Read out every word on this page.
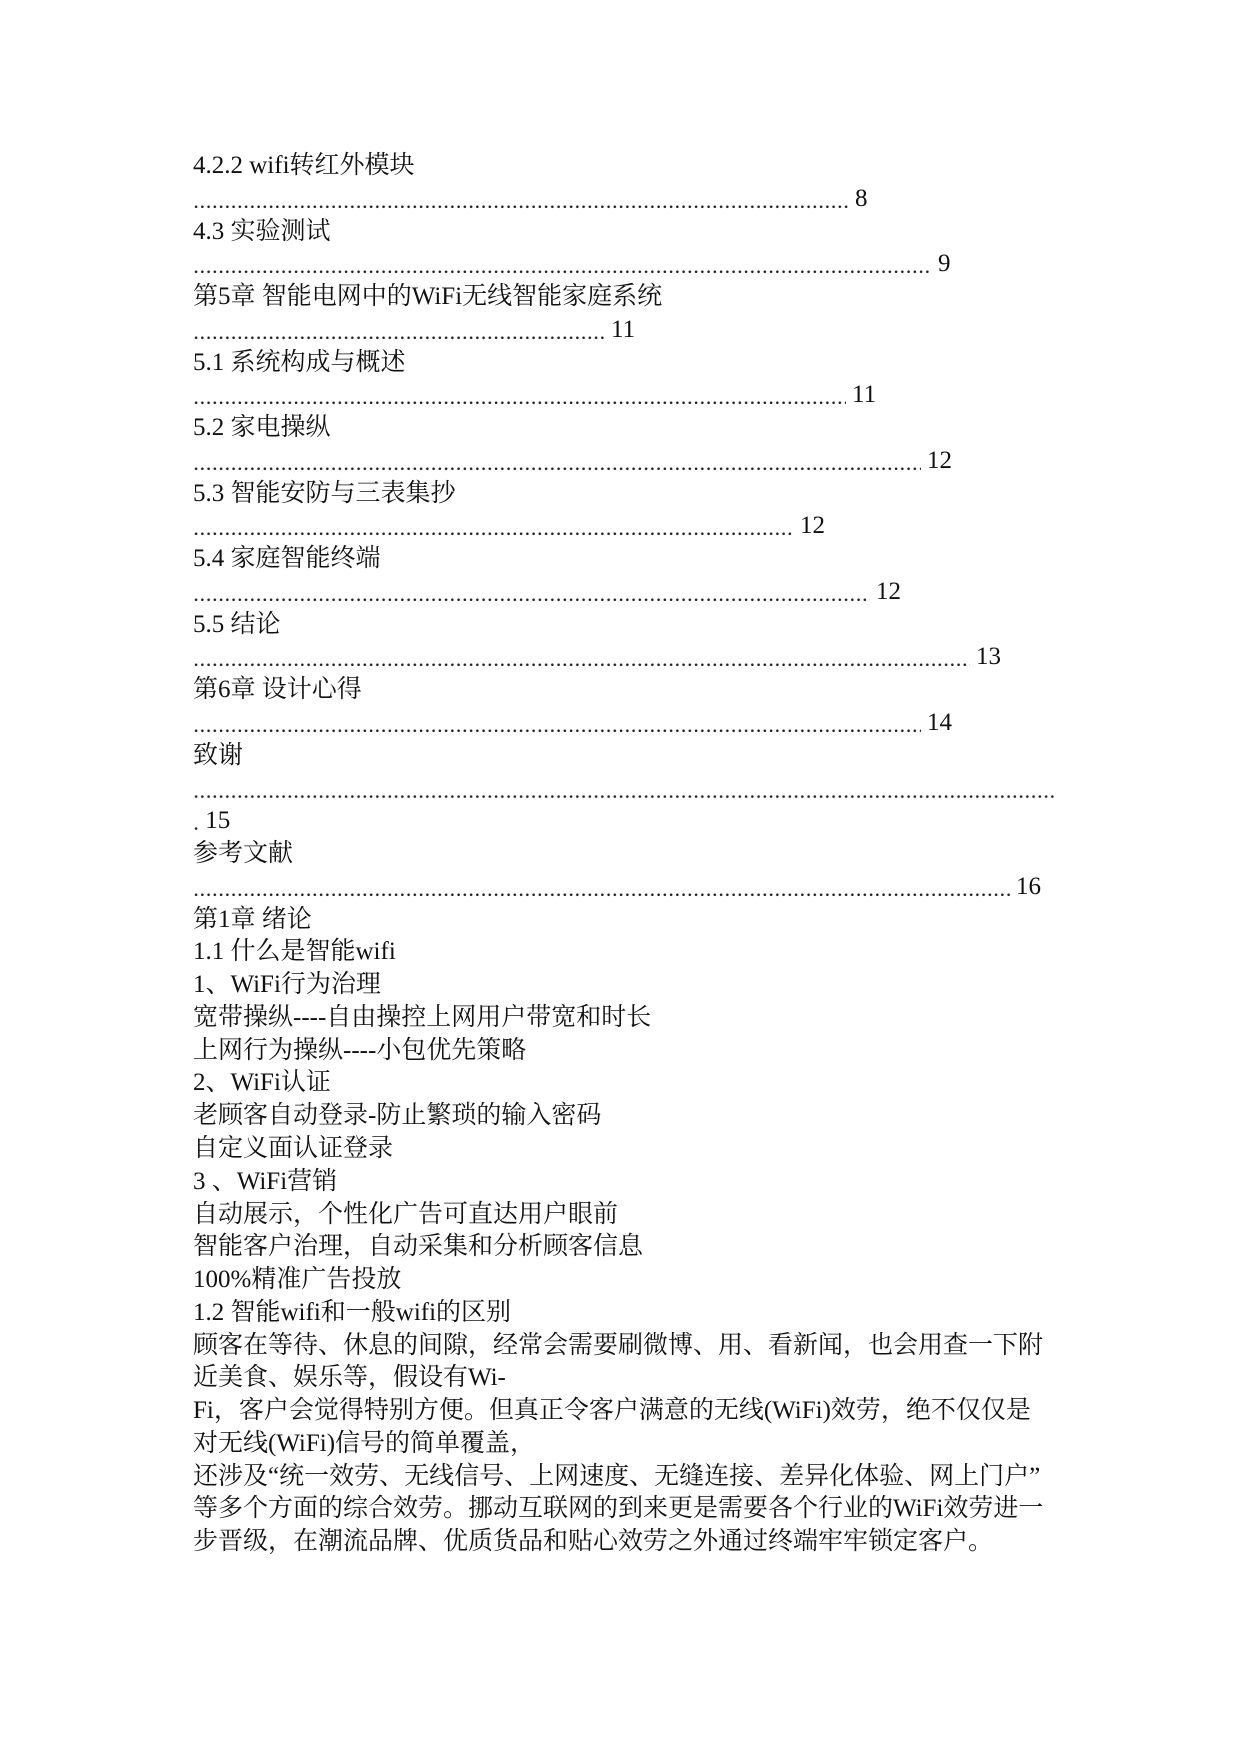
4.2.2 wifi转红外模块
8
4.3 实验测试
9
第5章 智能电网中的WiFi无线智能家庭系统
11
5.1 系统构成与概述
11
5.2 家电操纵
12
5.3 智能安防与三表集抄
12
5.4 家庭智能终端
12
5.5 结论
13
第6章 设计心得
14
致谢
15
参考文献
16
第1章 绪论
1.1 什么是智能wifi
1、WiFi行为治理
宽带操纵----自由操控上网用户带宽和时长
上网行为操纵----小包优先策略
2、WiFi认证
老顾客自动登录-防止繁琐的输入密码
自定义面认证登录
3 、WiFi营销
自动展示，个性化广告可直达用户眼前
智能客户治理，自动采集和分析顾客信息
100%精准广告投放
1.2 智能wifi和一般wifi的区别
顾客在等待、休息的间隙，经常会需要刷微博、用、看新闻，也会用查一下附
近美食、娱乐等，假设有Wi-
Fi，客户会觉得特别方便。但真正令客户满意的无线(WiFi)效劳，绝不仅仅是
对无线(WiFi)信号的简单覆盖，
还涉及“统一效劳、无线信号、上网速度、无缝连接、差异化体验、网上门户”
等多个方面的综合效劳。挪动互联网的到来更是需要各个行业的WiFi效劳进一
步晋级，在潮流品牌、优质货品和贴心效劳之外通过终端牢牢锁定客户。
